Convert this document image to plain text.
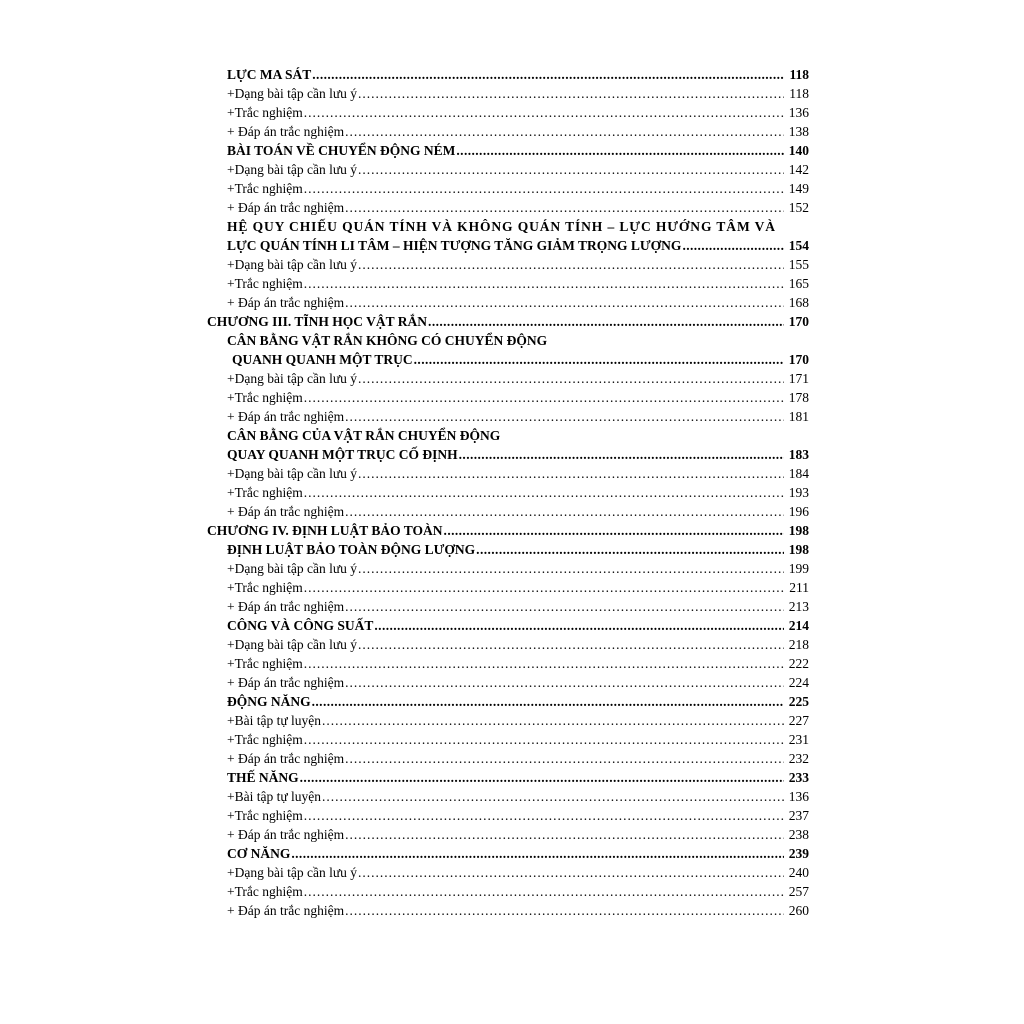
LỰC MA SÁT .....	118
+Dạng bài tập cần lưu ý .....	118
+Trắc nghiệm .....	136
+ Đáp án trắc nghiệm .....	138
BÀI TOÁN VỀ CHUYỂN ĐỘNG NÉM .....	140
+Dạng bài tập cần lưu ý .....	142
+Trắc nghiệm .....	149
+ Đáp án trắc nghiệm .....	152
HỆ QUY CHIẾU QUÁN TÍNH VÀ KHÔNG QUÁN TÍNH – LỰC HƯỚNG TÂM VÀ
LỰC QUÁN TÍNH LI TÂM – HIỆN TƯỢNG TĂNG GIẢM TRỌNG LƯỢNG .....	154
+Dạng bài tập cần lưu ý .....	155
+Trắc nghiệm .....	165
+ Đáp án trắc nghiệm .....	168
CHƯƠNG III. TĨNH HỌC VẬT RẮN .....	170
CÂN BẰNG VẬT RẮN KHÔNG CÓ CHUYỂN ĐỘNG
QUANH QUANH MỘT TRỤC .....	170
+Dạng bài tập cần lưu ý .....	171
+Trắc nghiệm .....	178
+ Đáp án trắc nghiệm .....	181
CÂN BẰNG CỦA VẬT RẮN CHUYỂN ĐỘNG
QUAY QUANH MỘT TRỤC CỐ ĐỊNH .....	183
+Dạng bài tập cần lưu ý .....	184
+Trắc nghiệm .....	193
+ Đáp án trắc nghiệm .....	196
CHƯƠNG IV. ĐỊNH LUẬT BẢO TOÀN .....	198
ĐỊNH LUẬT BẢO TOÀN ĐỘNG LƯỢNG .....	198
+Dạng bài tập cần lưu ý .....	199
+Trắc nghiệm .....	211
+ Đáp án trắc nghiệm .....	213
CÔNG VÀ CÔNG SUẤT .....	214
+Dạng bài tập cần lưu ý .....	218
+Trắc nghiệm .....	222
+ Đáp án trắc nghiệm .....	224
ĐỘNG NĂNG .....	225
+Bài tập tự luyện .....	227
+Trắc nghiệm .....	231
+ Đáp án trắc nghiệm .....	232
THẾ NĂNG .....	233
+Bài tập tự luyện .....	136
+Trắc nghiệm .....	237
+ Đáp án trắc nghiệm .....	238
CƠ NĂNG .....	239
+Dạng bài tập cần lưu ý .....	240
+Trắc nghiệm .....	257
+ Đáp án trắc nghiệm .....	260
